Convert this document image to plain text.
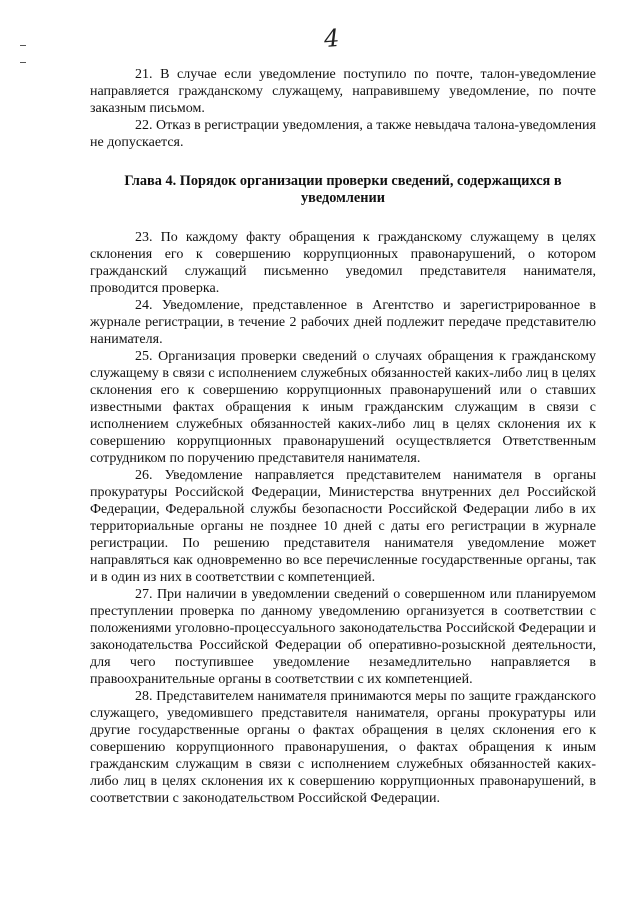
4

21. В случае если уведомление поступило по почте, талон-уведомление направляется гражданскому служащему, направившему уведомление, по почте заказным письмом.

22. Отказ в регистрации уведомления, а также невыдача талона-уведомления не допускается.

Глава 4. Порядок организации проверки сведений, содержащихся в уведомлении

23. По каждому факту обращения к гражданскому служащему в целях склонения его к совершению коррупционных правонарушений, о котором гражданский служащий письменно уведомил представителя нанимателя, проводится проверка.

24. Уведомление, представленное в Агентство и зарегистрированное в журнале регистрации, в течение 2 рабочих дней подлежит передаче представителю нанимателя.

25. Организация проверки сведений о случаях обращения к гражданскому служащему в связи с исполнением служебных обязанностей каких-либо лиц в целях склонения его к совершению коррупционных правонарушений или о ставших известными фактах обращения к иным гражданским служащим в связи с исполнением служебных обязанностей каких-либо лиц в целях склонения их к совершению коррупционных правонарушений осуществляется Ответственным сотрудником по поручению представителя нанимателя.

26. Уведомление направляется представителем нанимателя в органы прокуратуры Российской Федерации, Министерства внутренних дел Российской Федерации, Федеральной службы безопасности Российской Федерации либо в их территориальные органы не позднее 10 дней с даты его регистрации в журнале регистрации. По решению представителя нанимателя уведомление может направляться как одновременно во все перечисленные государственные органы, так и в один из них в соответствии с компетенцией.

27. При наличии в уведомлении сведений о совершенном или планируемом преступлении проверка по данному уведомлению организуется в соответствии с положениями уголовно-процессуального законодательства Российской Федерации и законодательства Российской Федерации об оперативно-розыскной деятельности, для чего поступившее уведомление незамедлительно направляется в правоохранительные органы в соответствии с их компетенцией.

28. Представителем нанимателя принимаются меры по защите гражданского служащего, уведомившего представителя нанимателя, органы прокуратуры или другие государственные органы о фактах обращения в целях склонения его к совершению коррупционного правонарушения, о фактах обращения к иным гражданским служащим в связи с исполнением служебных обязанностей каких-либо лиц в целях склонения их к совершению коррупционных правонарушений, в соответствии с законодательством Российской Федерации.
